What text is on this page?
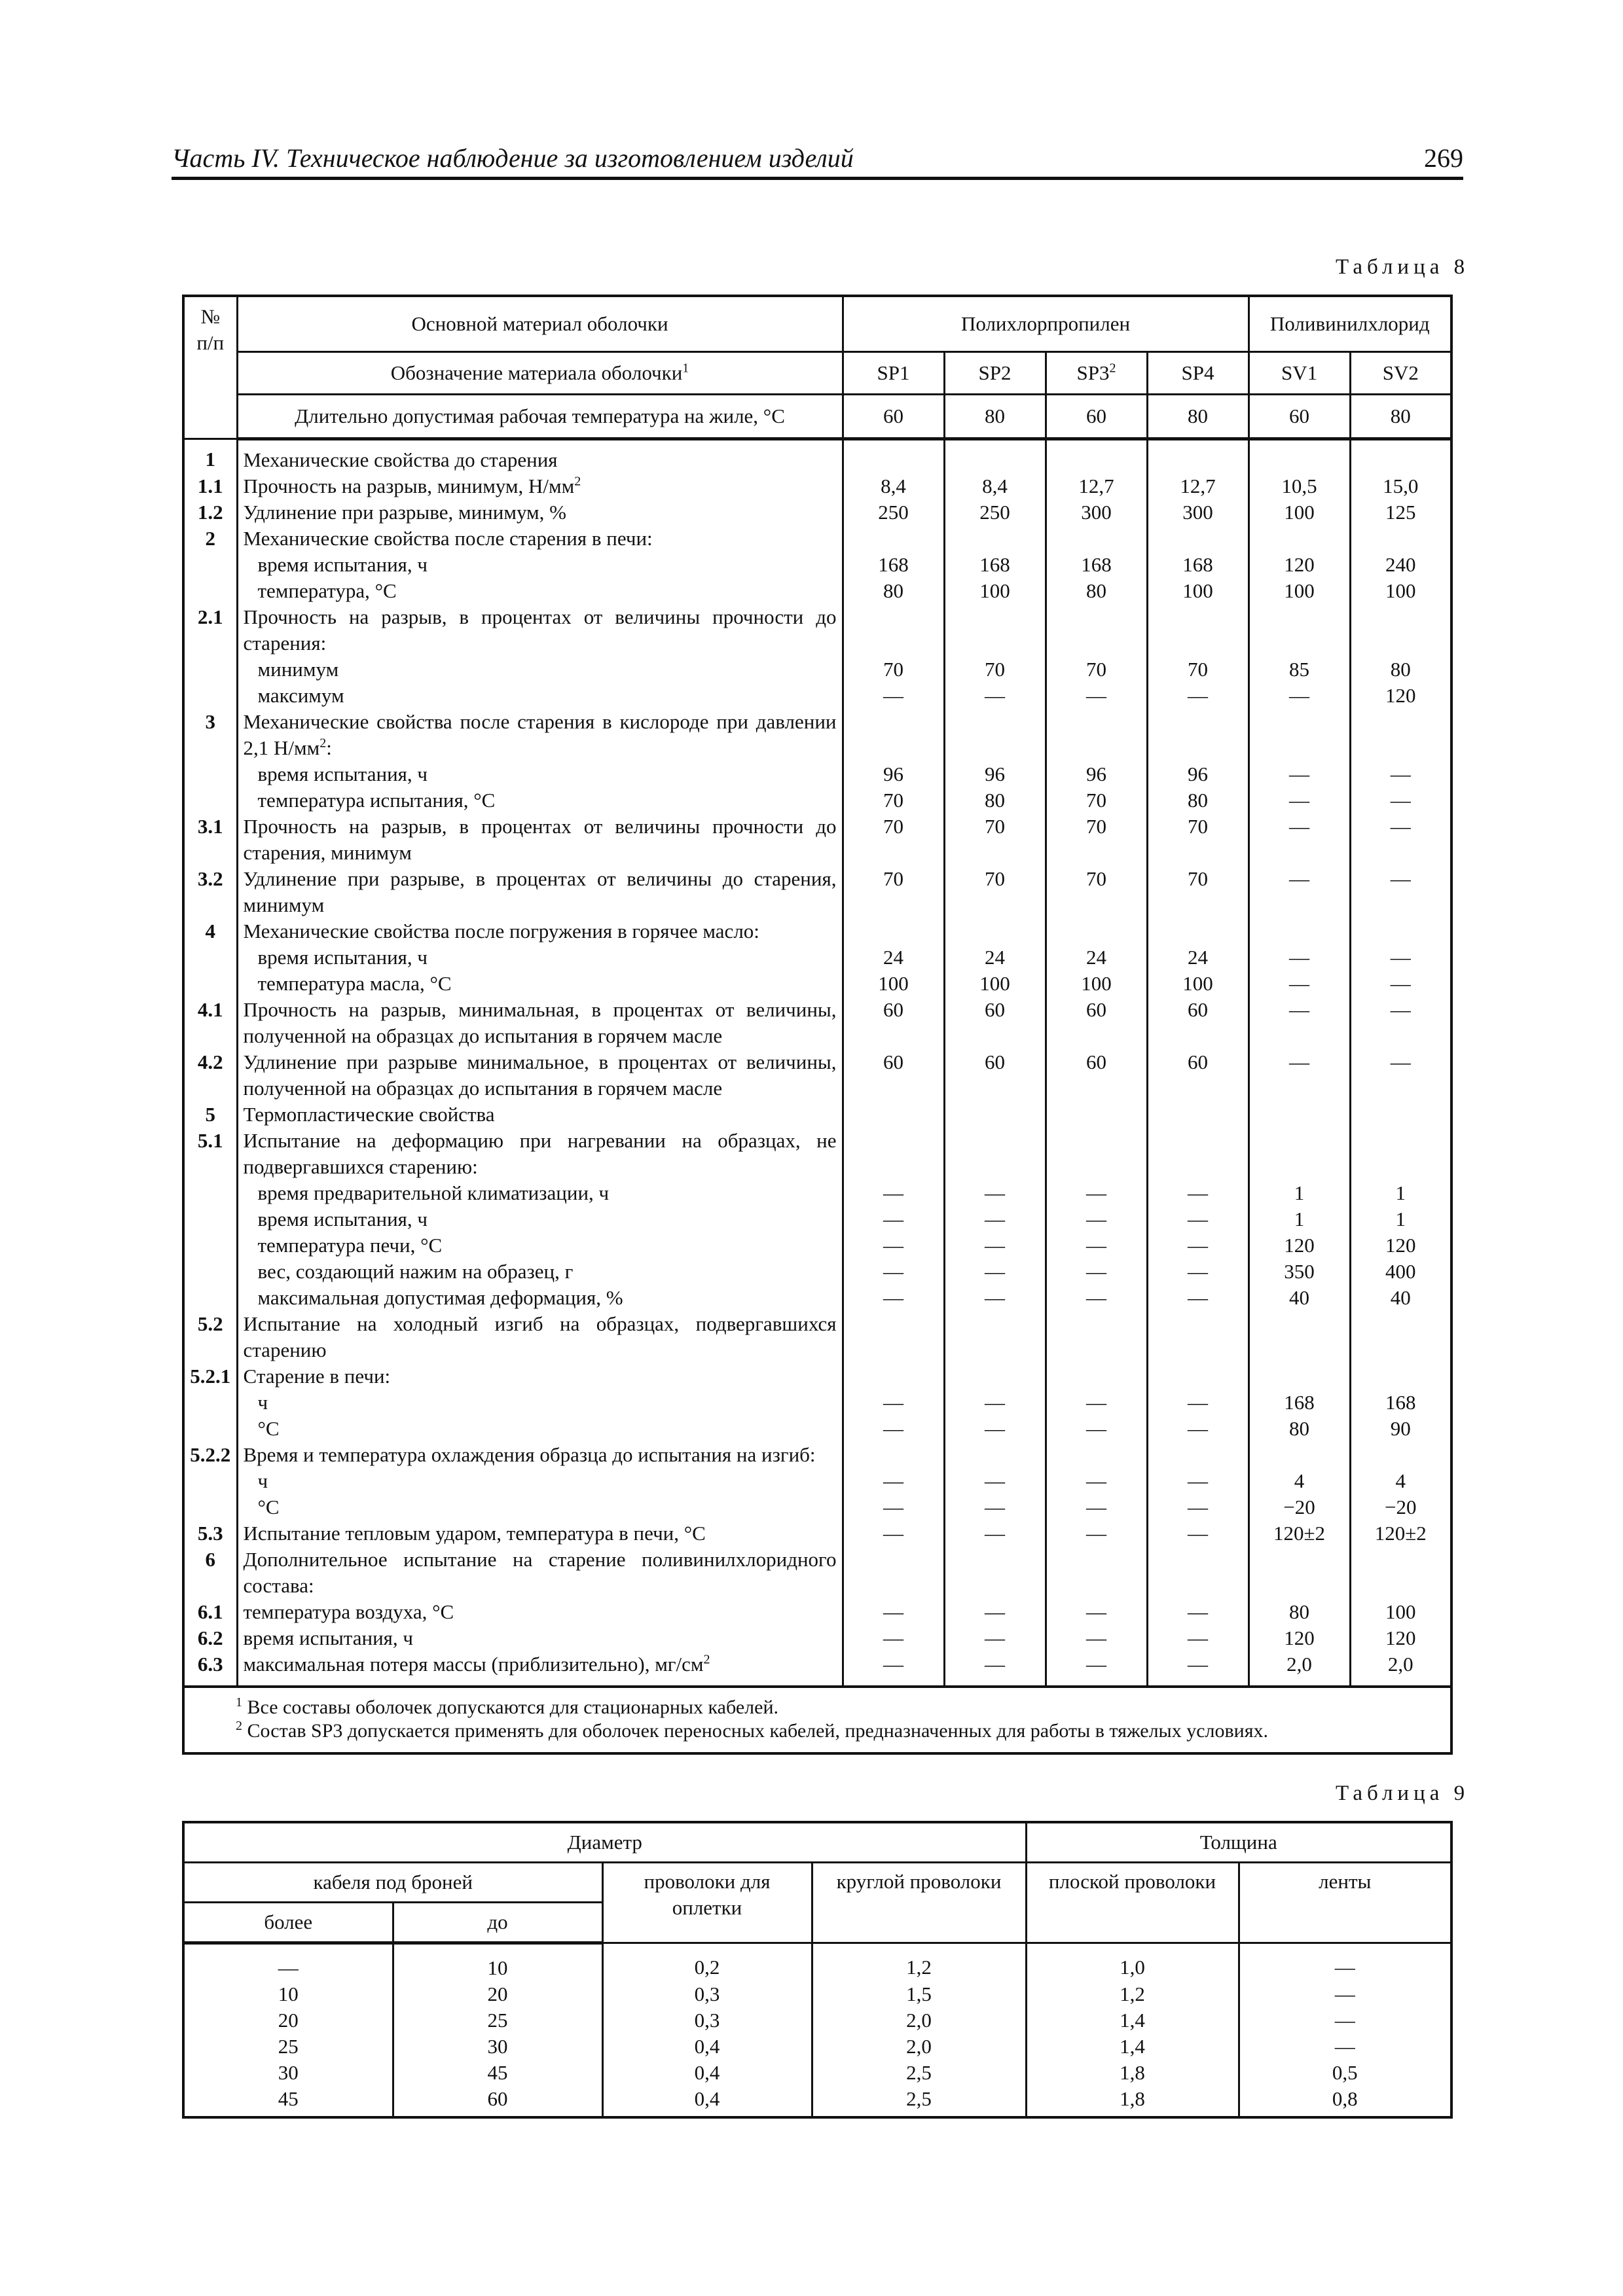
Часть IV. Техническое наблюдение за изготовлением изделий	269
Таблица 8
№ п/п	Основной материал оболочки	Полихлорпропилен				Поливинилхлорид	
	Обозначение материала оболочки$^1$	SP1	SP2	$SP3^2$	SP4	SV1	SV2
	Длительно допустимая рабочая температура на жиле, °С	60	80	60	80	60	80
1	Механические свойства до старения						
1.1	Прочность на разрыв, минимум, $Н/мм^2$	8,4	8,4	12,7	12,7	10,5	15,0
1.2	Удлинение при разрыве, минимум, %	250	250	300	300	100	125
2	Механические свойства после старения в печи:						
	время испытания, ч	168	168	168	168	120	240
	температура, °С	80	100	80	100	100	100
2.1	Прочность на разрыв, в процентах от величины прочности до старения:						
	минимум	70	70	70	70	85	80
	максимум	—	—	—	—	—	120
3	Механические свойства после старения в кислороде при давлении 2,1 $Н/мм^2$:						
	время испытания, ч	96	96	96	96	—	—
	температура испытания, °С	70	80	70	80	—	—
3.1	Прочность на разрыв, в процентах от величины прочности до старения, минимум	70	70	70	70	—	—
3.2	Удлинение при разрыве, в процентах от величины до старения, минимум	70	70	70	70	—	—
4	Механические свойства после погружения в горячее масло:						
	время испытания, ч	24	24	24	24	—	—
	температура масла, °С	100	100	100	100	—	—
4.1	Прочность на разрыв, минимальная, в процентах от величины, полученной на образцах до испытания в горячем масле	60	60	60	60	—	—
4.2	Удлинение при разрыве минимальное, в процентах от величины, полученной на образцах до испытания в горячем масле	60	60	60	60	—	—
5	Термопластические свойства						
5.1	Испытание на деформацию при нагревании на образцах, не подвергавшихся старению:						
	время предварительной климатизации, ч	—	—	—	—	1	1
	время испытания, ч	—	—	—	—	1	1
	температура печи, °С	—	—	—	—	120	120
	вес, создающий нажим на образец, г	—	—	—	—	350	400
	максимальная допустимая деформация, %	—	—	—	—	40	40
5.2	Испытание на холодный изгиб на образцах, подвергавшихся старению						
5.2.1	Старение в печи:						
	ч	—	—	—	—	168	168
	°С	—	—	—	—	80	90
5.2.2	Время и температура охлаждения образца до испытания на изгиб:						
	ч	—	—	—	—	4	4
	°С	—	—	—	—	−20	−20
5.3	Испытание тепловым ударом, температура в печи, °С	—	—	—	—	120±2	120±2
6	Дополнительное испытание на старение поливинилхлоридного состава:						
6.1	температура воздуха, °С	—	—	—	—	80	100
6.2	время испытания, ч	—	—	—	—	120	120
6.3	максимальная потеря массы (приблизительно), $мг/см^2$	—	—	—	—	2,0	2,0

$^1$ Все составы оболочек допускаются для стационарных кабелей.
$^2$ Состав SP3 допускается применять для оболочек переносных кабелей, предназначенных для работы в тяжелых условиях.							
Таблица 9
Диаметр				Толщина	
кабеля под броней		проволоки для оплетки	круглой проволоки	плоской проволоки	ленты
более	до				
—	10	0,2	1,2	1,0	—
10	20	0,3	1,5	1,2	—
20	25	0,3	2,0	1,4	—
25	30	0,4	2,0	1,4	—
30	45	0,4	2,5	1,8	0,5
45	60	0,4	2,5	1,8	0,8
